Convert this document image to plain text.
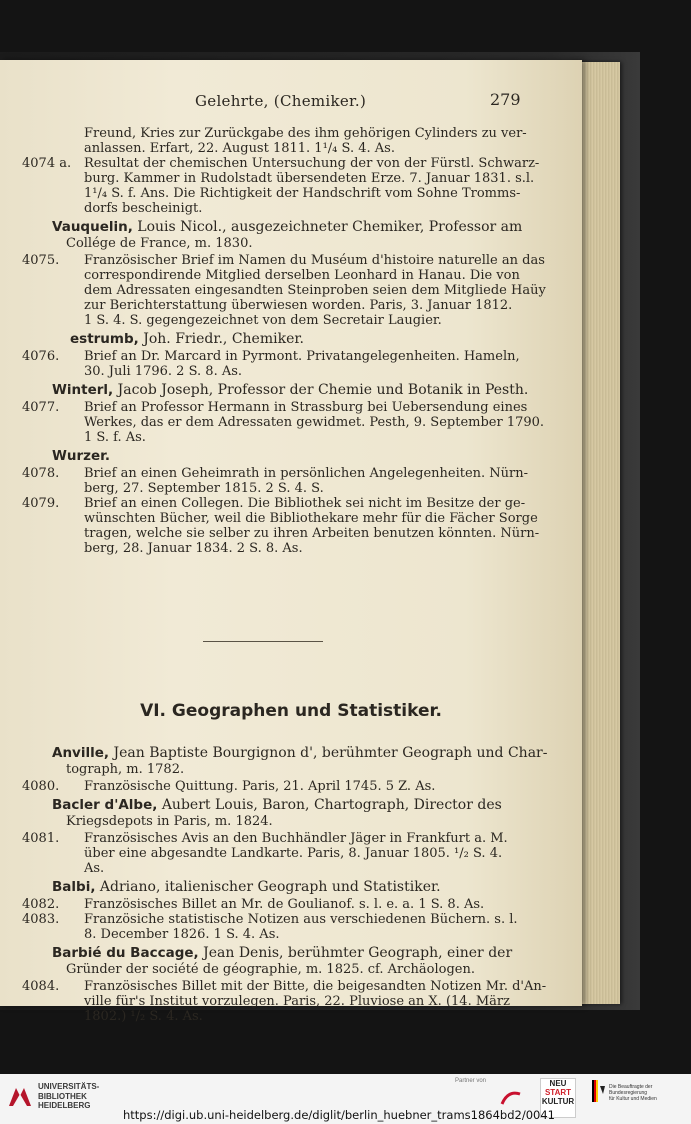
Gelehrte, (Chemiker.)	279
Freund, Kries zur Zurückgabe des ihm gehörigen Cylinders zu ver-
anlassen. Erfart, 22. August 1811. 1¹/₄ S. 4. As.
4074 a. Resultat der chemischen Untersuchung der von der Fürstl. Schwarz-
burg. Kammer in Rudolstadt übersendeten Erze. 7. Januar 1831. s.l.
1¹/₄ S. f. Ans. Die Richtigkeit der Handschrift vom Sohne Tromms-
dorfs bescheinigt.
Vauquelin, Louis Nicol., ausgezeichneter Chemiker, Professor am
Collége de France, m. 1830.
4075. Französischer Brief im Namen du Muséum d'histoire naturelle an das
correspondirende Mitglied derselben Leonhard in Hanau. Die von
dem Adressaten eingesandten Steinproben seien dem Mitgliede Haüy
zur Berichterstattung überwiesen worden. Paris, 3. Januar 1812.
1 S. 4. S. gegengezeichnet von dem Secretair Laugier.
estrumb, Joh. Friedr., Chemiker.
4076. Brief an Dr. Marcard in Pyrmont. Privatangelegenheiten. Hameln,
30. Juli 1796. 2 S. 8. As.
Winterl, Jacob Joseph, Professor der Chemie und Botanik in Pesth.
4077. Brief an Professor Hermann in Strassburg bei Uebersendung eines
Werkes, das er dem Adressaten gewidmet. Pesth, 9. September 1790.
1 S. f. As.
Wurzer.
4078. Brief an einen Geheimrath in persönlichen Angelegenheiten. Nürn-
berg, 27. September 1815. 2 S. 4. S.
4079. Brief an einen Collegen. Die Bibliothek sei nicht im Besitze der ge-
wünschten Bücher, weil die Bibliothekare mehr für die Fächer Sorge
tragen, welche sie selber zu ihren Arbeiten benutzen könnten. Nürn-
berg, 28. Januar 1834. 2 S. 8. As.
Anville, Jean Baptiste Bourgignon d', berühmter Geograph und Char-
tograph, m. 1782.
4080. Französische Quittung. Paris, 21. April 1745. 5 Z. As.
Bacler d'Albe, Aubert Louis, Baron, Chartograph, Director des
Kriegsdepots in Paris, m. 1824.
4081. Französisches Avis an den Buchhändler Jäger in Frankfurt a. M.
über eine abgesandte Landkarte. Paris, 8. Januar 1805. ¹/₂ S. 4.
As.
Balbi, Adriano, italienischer Geograph und Statistiker.
4082. Französisches Billet an Mr. de Goulianof. s. l. e. a. 1 S. 8. As.
4083. Französiche statistische Notizen aus verschiedenen Büchern. s. l.
8. December 1826. 1 S. 4. As.
Barbié du Baccage, Jean Denis, berühmter Geograph, einer der
Gründer der société de géographie, m. 1825. cf. Archäologen.
4084. Französisches Billet mit der Bitte, die beigesandten Notizen Mr. d'An-
ville für's Institut vorzulegen. Paris, 22. Pluviose an X. (14. März
1802.) ¹/₂ S. 4. As.
VI. Geographen und Statistiker.
UNIVERSITÄTS-
BIBLIOTHEK
HEIDELBERG
Partner von	NEU
START
KULTUR
Die Beauftragte der Bundesregierung
für Kultur und Medien
https://digi.ub.uni-heidelberg.de/diglit/berlin_huebner_trams1864bd2/0041
